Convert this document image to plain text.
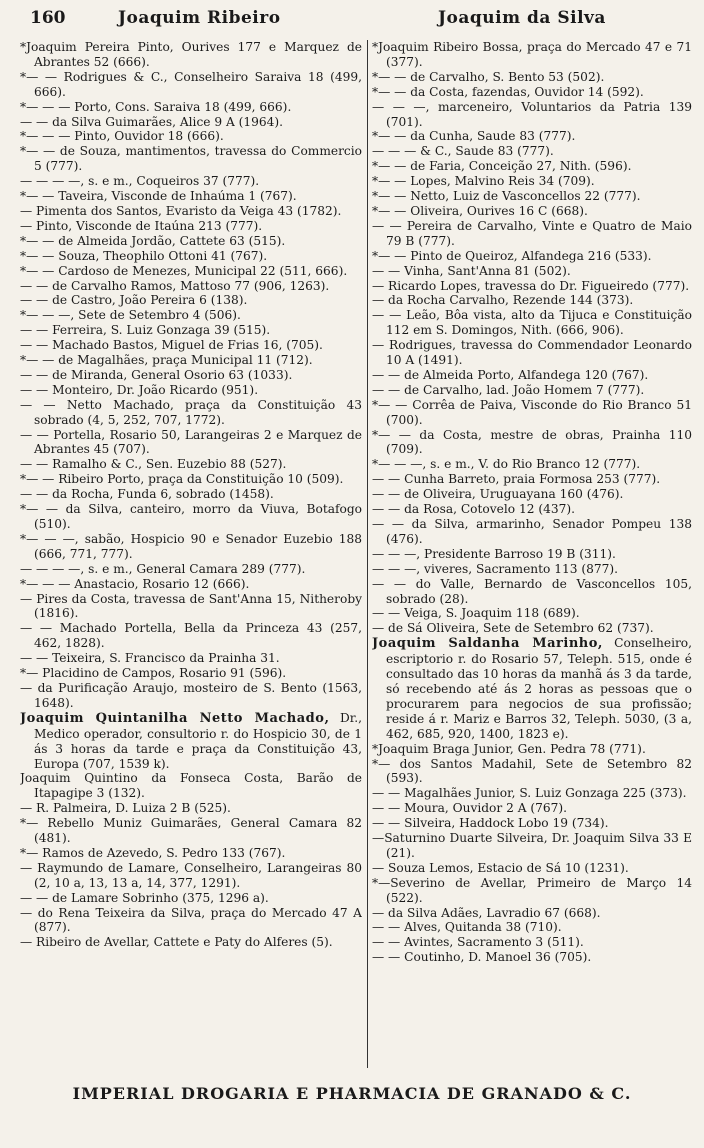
160	Joaquim Ribeiro	Joaquim da Silva

*Joaquim Pereira Pinto, Ourives 177 e Marquez de Abrantes 52 (666).

*— — Rodrigues & C., Conselheiro Saraiva 18 (499, 666).

*— — — Porto, Cons. Saraiva 18 (499, 666).

— — da Silva Guimarães, Alice 9 A (1964).

*— — — Pinto, Ouvidor 18 (666).

*— — de Souza, mantimentos, travessa do Commercio 5 (777).

— — — —, s. e m., Coqueiros 37 (777).

*— — Taveira, Visconde de Inhaúma 1 (767).

— Pimenta dos Santos, Evaristo da Veiga 43 (1782).

— Pinto, Visconde de Itaúna 213 (777).

*— — de Almeida Jordão, Cattete 63 (515).

*— — Souza, Theophilo Ottoni 41 (767).

*— — Cardoso de Menezes, Municipal 22 (511, 666).

— — de Carvalho Ramos, Mattoso 77 (906, 1263).

— — de Castro, João Pereira 6 (138).

*— — —, Sete de Setembro 4 (506).

— — Ferreira, S. Luiz Gonzaga 39 (515).

— — Machado Bastos, Miguel de Frias 16, (705).

*— — de Magalhães, praça Municipal 11 (712).

— — de Miranda, General Osorio 63 (1033).

— — Monteiro, Dr. João Ricardo (951).

— — Netto Machado, praça da Constituição 43 sobrado (4, 5, 252, 707, 1772).

— — Portella, Rosario 50, Larangeiras 2 e Marquez de Abrantes 45 (707).

— — Ramalho & C., Sen. Euzebio 88 (527).

*— — Ribeiro Porto, praça da Constituição 10 (509).

— — da Rocha, Funda 6, sobrado (1458).

*— — da Silva, canteiro, morro da Viuva, Botafogo (510).

*— — —, sabão, Hospicio 90 e Senador Euzebio 188 (666, 771, 777).

— — — —, s. e m., General Camara 289 (777).

*— — — Anastacio, Rosario 12 (666).

— Pires da Costa, travessa de Sant'Anna 15, Nitheroby (1816).

— — Machado Portella, Bella da Princeza 43 (257, 462, 1828).

— — Teixeira, S. Francisco da Prainha 31.

*— Placidino de Campos, Rosario 91 (596).

— da Purificação Araujo, mosteiro de S. Bento (1563, 1648).

Joaquim Quintanilha Netto Machado, Dr., Medico operador, consultorio r. do Hospicio 30, de 1 ás 3 horas da tarde e praça da Constituição 43, Europa (707, 1539 k).

Joaquim Quintino da Fonseca Costa, Barão de Itapagipe 3 (132).

— R. Palmeira, D. Luiza 2 B (525).

*— Rebello Muniz Guimarães, General Camara 82 (481).

*— Ramos de Azevedo, S. Pedro 133 (767).

— Raymundo de Lamare, Conselheiro, Larangeiras 80 (2, 10 a, 13, 13 a, 14, 377, 1291).

— — de Lamare Sobrinho (375, 1296 a).

— do Rena Teixeira da Silva, praça do Mercado 47 A (877).

— Ribeiro de Avellar, Cattete e Paty do Alferes (5).

*Joaquim Ribeiro Bossa, praça do Mercado 47 e 71 (377).

*— — de Carvalho, S. Bento 53 (502).

*— — da Costa, fazendas, Ouvidor 14 (592).

— — —, marceneiro, Voluntarios da Patria 139 (701).

*— — da Cunha, Saude 83 (777).

— — — & C., Saude 83 (777).

*— — de Faria, Conceição 27, Nith. (596).

*— — Lopes, Malvino Reis 34 (709).

*— — Netto, Luiz de Vasconcellos 22 (777).

*— — Oliveira, Ourives 16 C (668).

— — Pereira de Carvalho, Vinte e Quatro de Maio 79 B (777).

*— — Pinto de Queiroz, Alfandega 216 (533).

— — Vinha, Sant'Anna 81 (502).

— Ricardo Lopes, travessa do Dr. Figueiredo (777).

— da Rocha Carvalho, Rezende 144 (373).

— — Leão, Bôa vista, alto da Tijuca e Constituição 112 em S. Domingos, Nith. (666, 906).

— Rodrigues, travessa do Commendador Leonardo 10 A (1491).

— — de Almeida Porto, Alfandega 120 (767).

— — de Carvalho, lad. João Homem 7 (777).

*— — Corrêa de Paiva, Visconde do Rio Branco 51 (700).

*— — da Costa, mestre de obras, Prainha 110 (709).

*— — —, s. e m., V. do Rio Branco 12 (777).

— — Cunha Barreto, praia Formosa 253 (777).

— — de Oliveira, Uruguayana 160 (476).

— — da Rosa, Cotovelo 12 (437).

— — da Silva, armarinho, Senador Pompeu 138 (476).

— — —, Presidente Barroso 19 B (311).

— — —, viveres, Sacramento 113 (877).

— — do Valle, Bernardo de Vasconcellos 105, sobrado (28).

— — Veiga, S. Joaquim 118 (689).

— de Sá Oliveira, Sete de Setembro 62 (737).

Joaquim Saldanha Marinho, Conselheiro, escriptorio r. do Rosario 57, Teleph. 515, onde é consultado das 10 horas da manhã ás 3 da tarde, só recebendo até ás 2 horas as pessoas que o procurarem para negocios de sua profissão; reside á r. Mariz e Barros 32, Teleph. 5030, (3 a, 462, 685, 920, 1400, 1823 e).

*Joaquim Braga Junior, Gen. Pedra 78 (771).

*— dos Santos Madahil, Sete de Setembro 82 (593).

— — Magalhães Junior, S. Luiz Gonzaga 225 (373).

— — Moura, Ouvidor 2 A (767).

— — Silveira, Haddock Lobo 19 (734).

—Saturnino Duarte Silveira, Dr. Joaquim Silva 33 E (21).

— Souza Lemos, Estacio de Sá 10 (1231).

*—Severino de Avellar, Primeiro de Março 14 (522).

— da Silva Adães, Lavradio 67 (668).

— — Alves, Quitanda 38 (710).

— — Avintes, Sacramento 3 (511).

— — Coutinho, D. Manoel 36 (705).

IMPERIAL DROGARIA E PHARMACIA DE GRANADO & C.
